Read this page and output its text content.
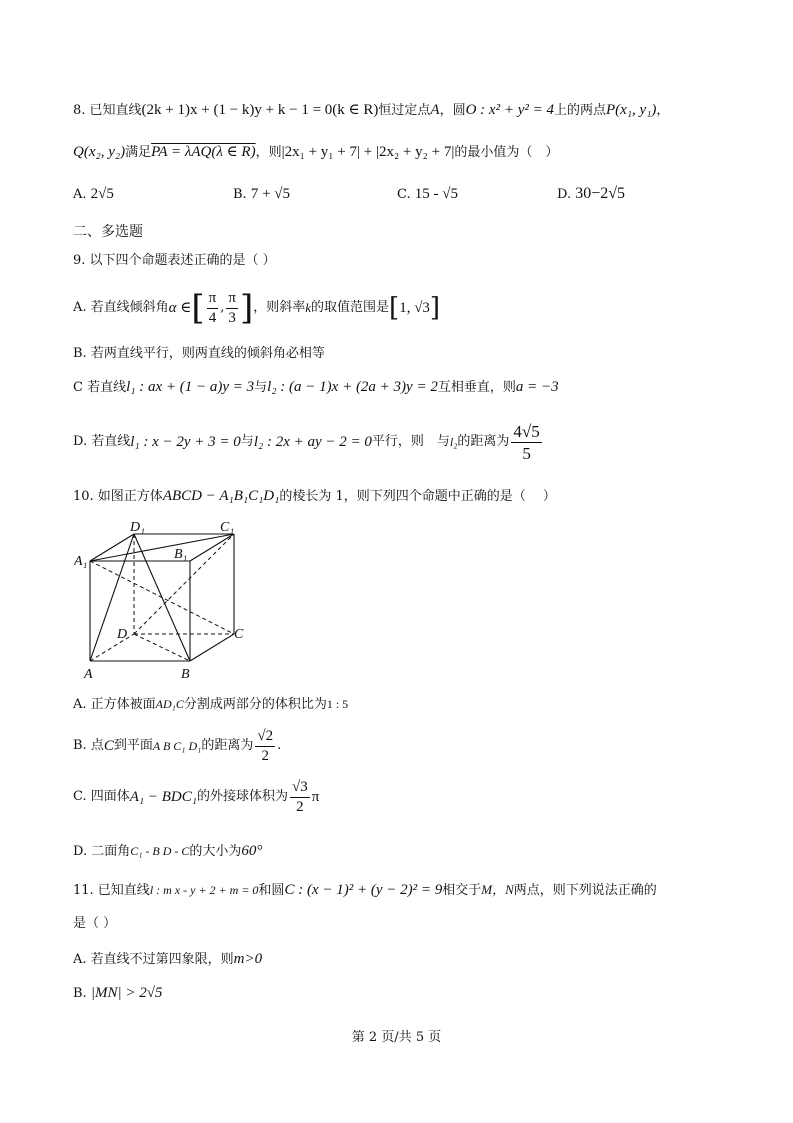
8. 已知直线(2k + 1)x + (1 − k)y + k − 1 = 0(k ∈ R)恒过定点A，圆O : x² + y² = 4上的两点P(x₁, y₁)，
Q(x₂, y₂)满足PA = λAQ(λ ∈ R)，则|2x₁ + y₁ + 7| + |2x₂ + y₂ + 7|的最小值为（　）
A. 2√5	B. 7 + √5	C. 15 - √5	D. 30−2√5
二、多选题
9. 以下四个命题表述正确的是（ ）
A. 若直线倾斜角 α ∈ [ $\frac{\pi}{4}$ , $\frac{\pi}{3}$ ] ，则斜率 k 的取值范围是 [ 1, √3 ]
B. 若两直线平行，则两直线的倾斜角必相等
C 若直线l₁ : ax + (1 − a)y = 3与l₂ : (a − 1)x + (2a + 3)y = 2互相垂直，则a = −3
D. 若直线 l₁ : x − 2y + 3 = 0 与 l₂ : 2x + ay − 2 = 0 平行，则　与 l₂ 的距离为 $\frac{4√5}{5}$
10. 如图正方体ABCD − A₁B₁C₁D₁的棱长为 1，则下列四个命题中正确的是（　 ）
D₁	C₁
B₁
A₁
D	C
A	B
A. 正方体被面AD₁C分割成两部分的体积比为1 : 5
B. 点 C 到平面 A B C₁ D₁ 的距离为 $\frac{√2}{2}$ .
C. 四面体 A₁ − BDC₁ 的外接球体积为 $\frac{√3}{2}$ π
D. 二面角C₁ - B D - C的大小为60°
11. 已知直线l : m x - y + 2 + m = 0和圆C : (x − 1)² + (y − 2)² = 9相交于M，N两点，则下列说法正确的
是（ ）
A. 若直线不过第四象限，则m>0
B. |MN| > 2√5
第 2 页/共 5 页
